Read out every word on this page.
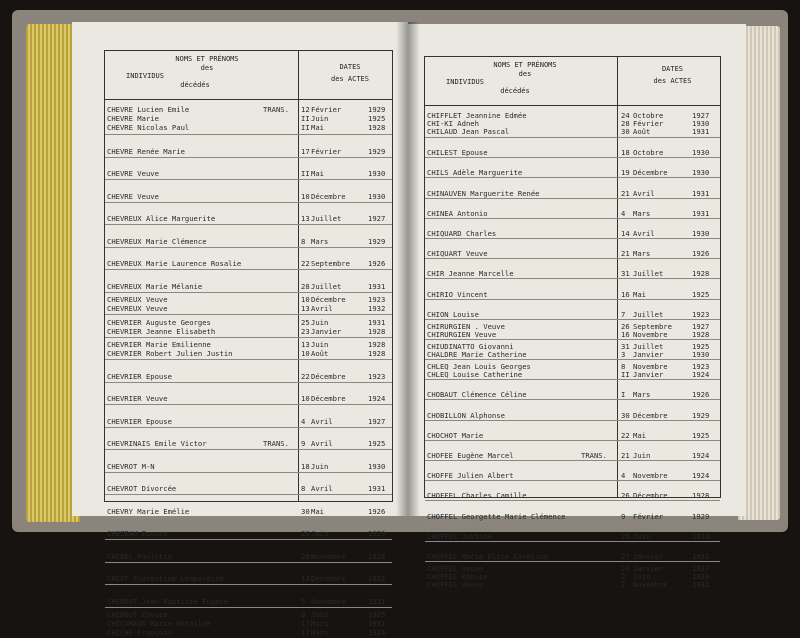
NOMS ET PRÉNOMS
des
INDIVIDUS
décédés
DATES
des ACTES
CHEVRE Lucien Emile	TRANS. 12 Février	1929
CHEVRE Marie	II Juin	1925
CHEVRE Nicolas Paul	II Mai	1928
CHEVRE Renée Marie	17 Février	1929
CHEVRE Veuve	II Mai	1930
CHEVRE Veuve	10 Décembre	1930
CHEVREUX Alice Marguerite	13 Juillet	1927
CHEVREUX Marie Clémence	8 Mars	1929
CHEVREUX Marie Laurence Rosalie	22 Septembre	1926
CHEVREUX Marie Mélanie	28 Juillet	1931
CHEVREUX Veuve	10 Décembre	1923
CHEVREUX Veuve	13 Avril	1932
CHEVRIER Auguste Georges	25 Juin	1931
CHEVRIER Jeanne Elisabeth	23 Janvier	1928
CHEVRIER Marie Emilienne	13 Juin	1928
CHEVRIER Robert Julien Justin	10 Août	1928
CHEVRIER Epouse	22 Décembre	1923
CHEVRIER Veuve	10 Décembre	1924
CHEVRIER Epouse	4 Avril	1927
CHEVRINAIS Emile Victor	TRANS. 9 Avril	1925
CHEVROT M-N	18 Juin	1930
CHEVROT Divorcée	8 Avril	1931
CHEVRY Marie Emélie	30 Mai	1926
CHEZEAU Epouse	26 Juin	1929
CHIBEL Paulette	28 Novembre	1926
CHIVT Florestine Léopoldine	13 Décembre	1932
CHIBOUT Jean Baptiste Eugène	5 Novembre	1931
CHIBOUT Epouse	8 Juin	1925
CHICAMAUX Marie Mathilde	17 Mars	1931
CHICHE François	17 Mars	1924
NOMS ET PRÉNOMS
des
INDIVIDUS
décédés
DATES
des ACTES
CHIFFLET Jeannine Edmée	24 Octobre	1927
CHI-KI Adneh	28 Février	1930
CHILAUD Jean Pascal	30 Août	1931
CHILEST Epouse	18 Octobre	1930
CHILS Adèle Marguerite	19 Décembre	1930
CHINAUVEN Marguerite Renée	21 Avril	1931
CHINEA Antonio	4 Mars	1931
CHIQUARD Charles	14 Avril	1930
CHIQUART Veuve	21 Mars	1926
CHIR Jeanne Marcelle	31 Juillet	1928
CHIRIO Vincent	16 Mai	1925
CHION Louise	7 Juillet	1923
CHIRURGIEN . Veuve	26 Septembre	1927
CHIRURGIEN Veuve	16 Novembre	1928
CHIUDINATTO Giovanni	31 Juillet	1925
CHALDRE Marie Catherine	3 Janvier	1930
CHLEQ Jean Louis Georges	8 Novembre	1923
CHLEQ Louise Catherine	II Janvier	1924
CHOBAUT Clémence Céline	I Mars	1926
CHOBILLON Alphonse	30 Décembre	1929
CHOCHOT Marie	22 Mai	1925
CHOFEE Eugène Marcel	TRANS. 21 Juin	1924
CHOFFE Julien Albert	4 Novembre	1924
CHOFFEL Charles Camille	26 Décembre	1928
CHOFFEL Georgette Marie Clémence	9 Février	1929
CHOFFEL Justine	25 Juin	1923
CHOFFEL Marie Elise Caroline	27 Janvier	1931
CHOFFEL Veuve	24 Janvier	1927
CHOFFEL Epouse	2 Juin	1928
CHOFFEL Veuve	2 Novembre	1932
